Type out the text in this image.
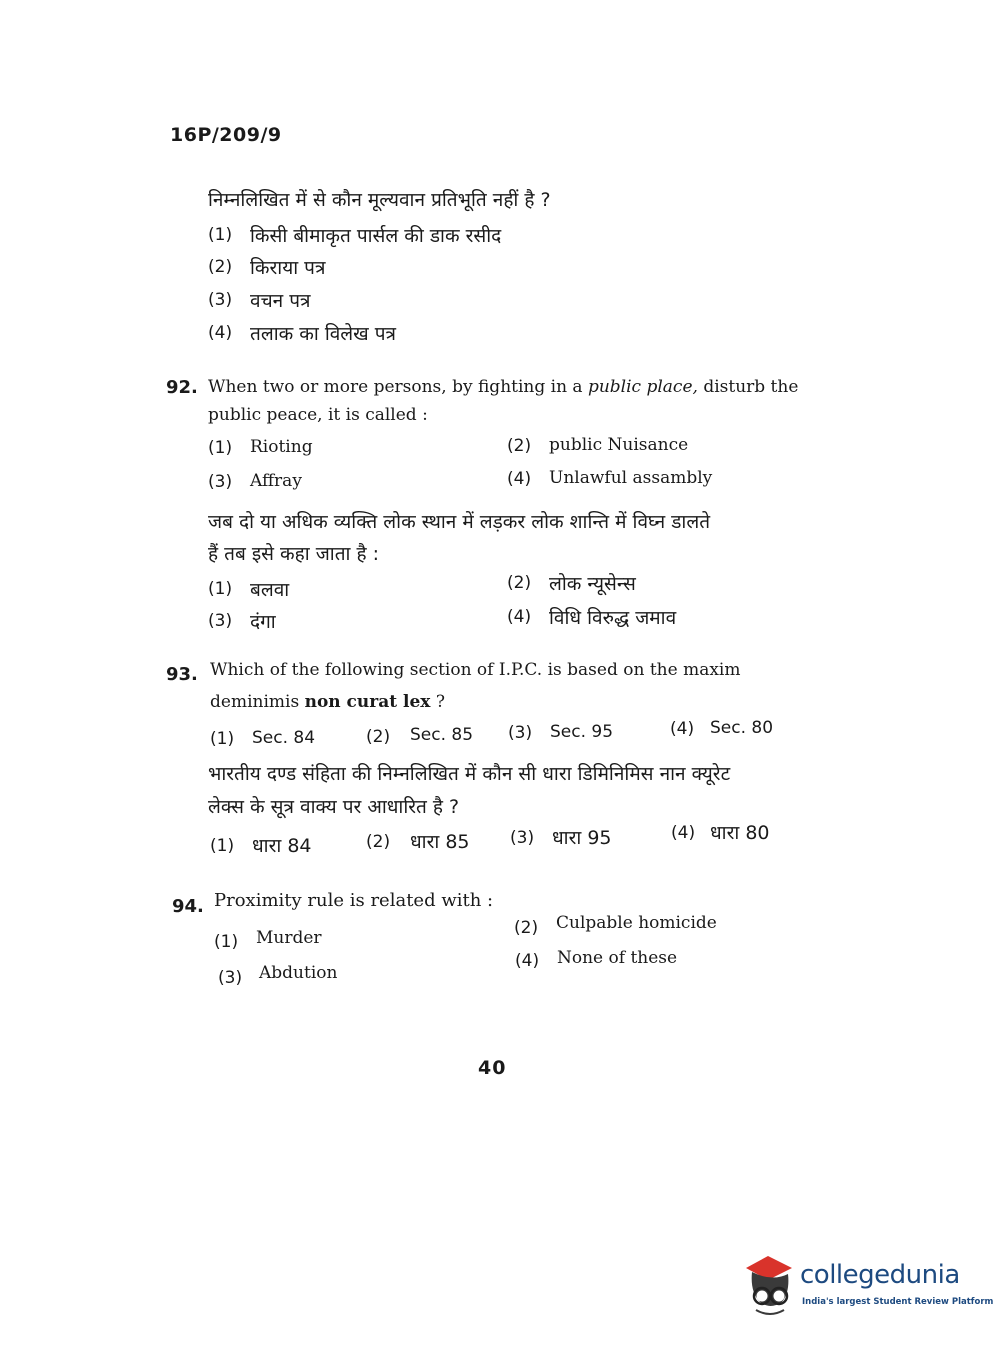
16P/209/9
निम्नलिखित में से कौन मूल्यवान प्रतिभूति नहीं है ?
(1) किसी बीमाकृत पार्सल की डाक रसीद
(2) किराया पत्र
(3) वचन पत्र
(4) तलाक का विलेख पत्र
92. When two or more persons, by fighting in a public place, disturb the
public peace, it is called :
(1) Rioting	(2) public Nuisance
(3) Affray	(4) Unlawful assambly
जब दो या अधिक व्यक्ति लोक स्थान में लड़कर लोक शान्ति में विघ्न डालते
हैं तब इसे कहा जाता है :
(1) बलवा	(2) लोक न्यूसेन्स
(3) दंगा	(4) विधि विरुद्ध जमाव
93. Which of the following section of I.P.C. is based on the maxim
deminimis non curat lex ?
(1) Sec. 84	(2) Sec. 85 (3) Sec. 95	(4) Sec. 80
भारतीय दण्ड संहिता की निम्नलिखित में कौन सी धारा डिमिनिमिस नान क्यूरेट
लेक्स के सूत्र वाक्य पर आधारित है ?
(1) धारा 84	(2) धारा 85 (3) धारा 95	(4) धारा 80
94. Proximity rule is related with :
(1) Murder	(2) Culpable homicide
(3) Abdution
(4) None of these
40
collegedunia
India's largest Student Review Platform
